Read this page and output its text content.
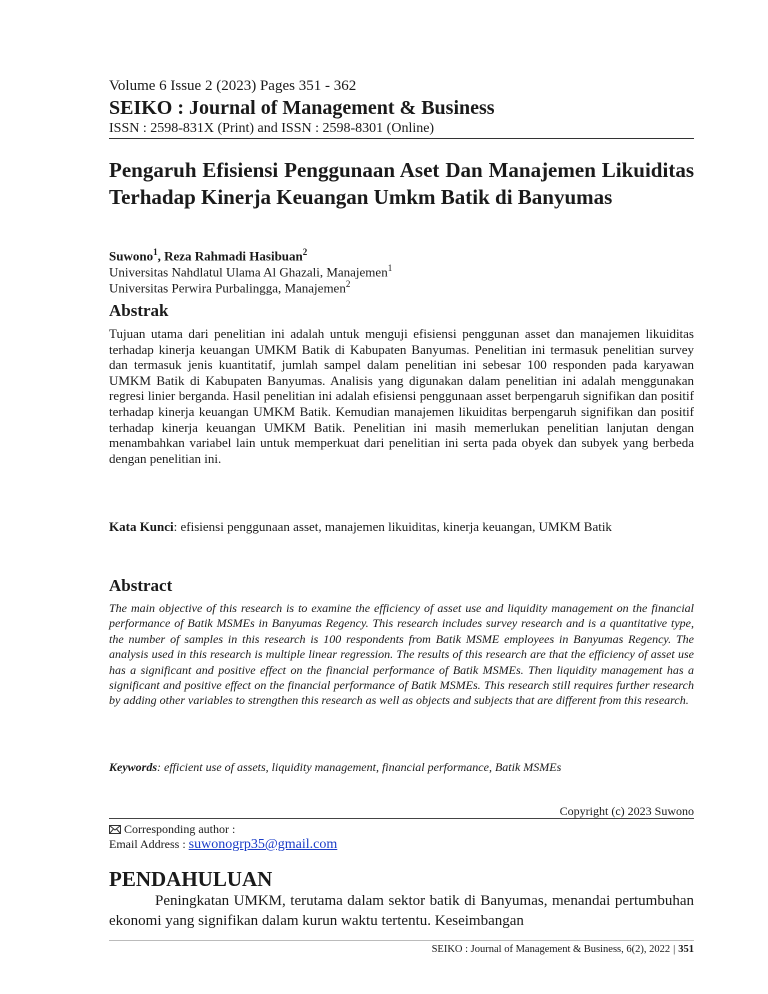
Volume 6 Issue 2 (2023) Pages 351 - 362
SEIKO : Journal of Management & Business
ISSN : 2598-831X (Print) and ISSN : 2598-8301 (Online)
Pengaruh Efisiensi Penggunaan Aset Dan Manajemen Likuiditas Terhadap Kinerja Keuangan Umkm Batik di Banyumas
Suwono$^1$, Reza Rahmadi Hasibuan$^2$
Universitas Nahdlatul Ulama Al Ghazali, Manajemen$^1$
Universitas Perwira Purbalingga, Manajemen$^2$
Abstrak
Tujuan utama dari penelitian ini adalah untuk menguji efisiensi penggunan asset dan manajemen likuiditas terhadap kinerja keuangan UMKM Batik di Kabupaten Banyumas. Penelitian ini termasuk penelitian survey dan termasuk jenis kuantitatif, jumlah sampel dalam penelitian ini sebesar 100 responden pada karyawan UMKM Batik di Kabupaten Banyumas. Analisis yang digunakan dalam penelitian ini adalah menggunakan regresi linier berganda. Hasil penelitian ini adalah efisiensi penggunaan asset berpengaruh signifikan dan positif terhadap kinerja keuangan UMKM Batik. Kemudian manajemen likuiditas berpengaruh signifikan dan positif terhadap kinerja keuangan UMKM Batik. Penelitian ini masih memerlukan penelitian lanjutan dengan menambahkan variabel lain untuk memperkuat dari penelitian ini serta pada obyek dan subyek yang berbeda dengan penelitian ini.
Kata Kunci: efisiensi penggunaan asset, manajemen likuiditas, kinerja keuangan, UMKM Batik
Abstract
The main objective of this research is to examine the efficiency of asset use and liquidity management on the financial performance of Batik MSMEs in Banyumas Regency. This research includes survey research and is a quantitative type, the number of samples in this research is 100 respondents from Batik MSME employees in Banyumas Regency. The analysis used in this research is multiple linear regression. The results of this research are that the efficiency of asset use has a significant and positive effect on the financial performance of Batik MSMEs. Then liquidity management has a significant and positive effect on the financial performance of Batik MSMEs. This research still requires further research by adding other variables to strengthen this research as well as objects and subjects that are different from this research.
Keywords: efficient use of assets, liquidity management, financial performance, Batik MSMEs
Copyright (c) 2023 Suwono
Corresponding author :
Email Address : suwonogrp35@gmail.com
PENDAHULUAN
Peningkatan UMKM, terutama dalam sektor batik di Banyumas, menandai pertumbuhan ekonomi yang signifikan dalam kurun waktu tertentu. Keseimbangan
SEIKO : Journal of Management & Business, 6(2), 2022 | 351
